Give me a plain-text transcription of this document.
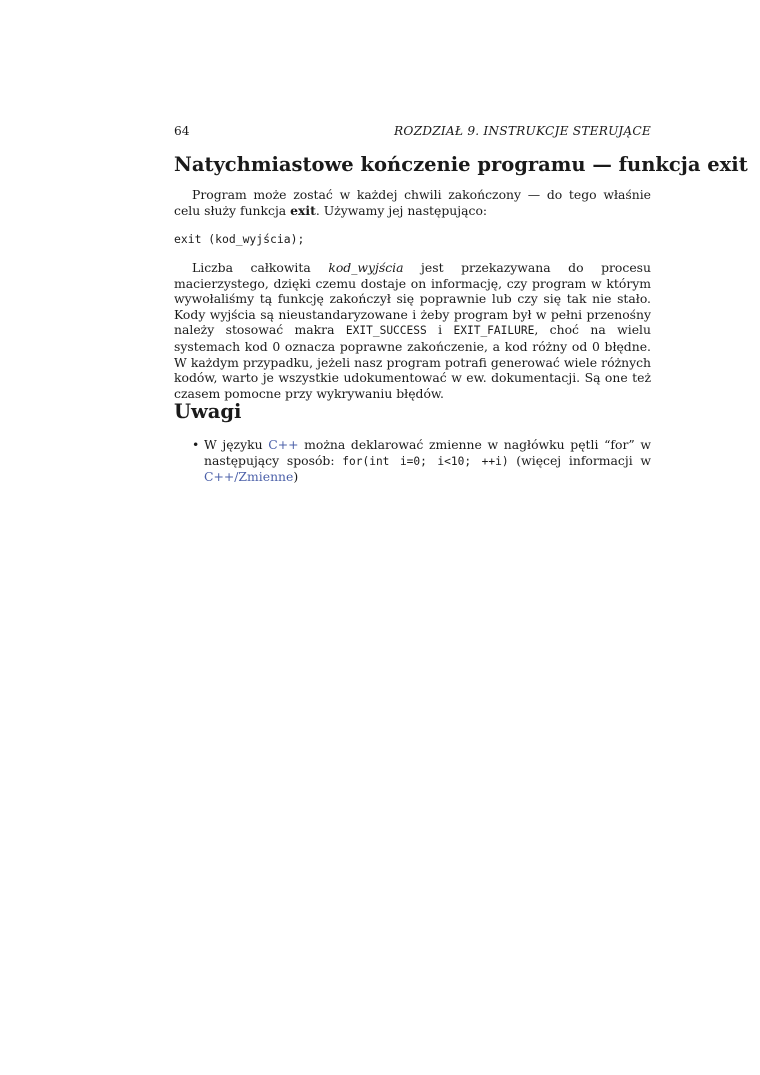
64	ROZDZIAŁ 9. INSTRUKCJE STERUJĄCE
Natychmiastowe kończenie programu — funkcja exit

Program może zostać w każdej chwili zakończony — do tego właśnie celu służy funkcja exit. Używamy jej następująco:

exit (kod_wyjścia);

Liczba całkowita kod_wyjścia jest przekazywana do procesu macierzystego, dzięki czemu dostaje on informację, czy program w którym wywołaliśmy tą funkcję zakończył się poprawnie lub czy się tak nie stało. Kody wyjścia są nieustandaryzowane i żeby program był w pełni przenośny należy stosować makra EXIT_SUCCESS i EXIT_FAILURE, choć na wielu systemach kod 0 oznacza poprawne zakończenie, a kod różny od 0 błędne. W każdym przypadku, jeżeli nasz program potrafi generować wiele różnych kodów, warto je wszystkie udokumentować w ew. dokumentacji. Są one też czasem pomocne przy wykrywaniu błędów.

Uwagi
• W języku C++ można deklarować zmienne w nagłówku pętli “for” w następujący sposób: for(int i=0; i<10; ++i) (więcej informacji w C++/Zmienne)
